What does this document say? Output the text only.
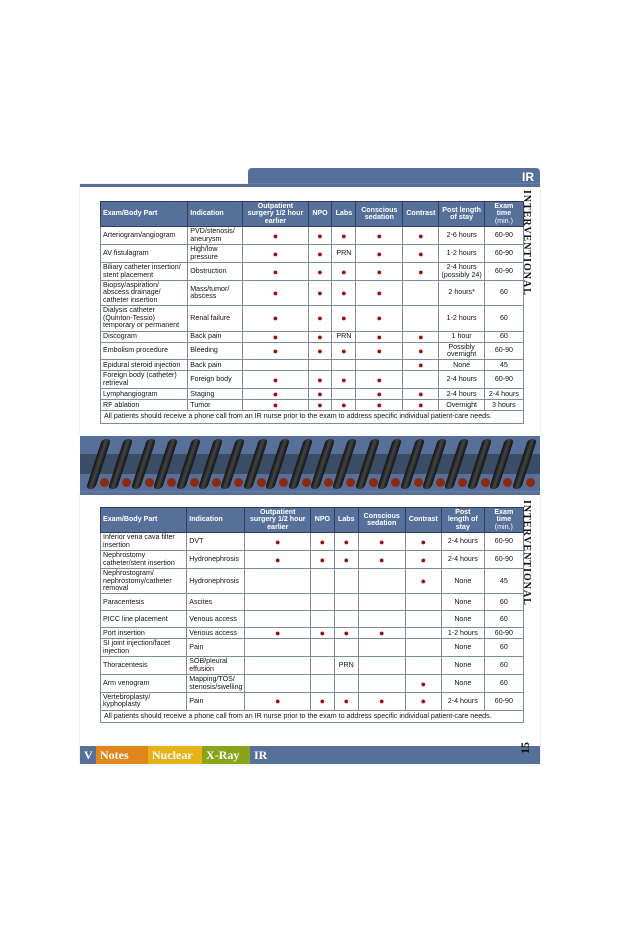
IR
Exam/Body Part	Indication	Outpatient surgery 1/2 hour earlier	NPO	Labs	Conscious sedation	Contrast	Post length of stay	Exam time (min.)
Arteriogram/angiogram	PVD/stenosis/ aneurysm	●	●	●	●	●	2-6 hours	60-90
AV fistulagram	High/low pressure	●	●	PRN	●	●	1-2 hours	60-90
Biliary catheter insertion/ stent placement	Obstruction	●	●	●	●	●	2-4 hours (possibly 24)	60-90
Biopsy/aspiration/ abscess drainage/ catheter insertion	Mass/tumor/ abscess	●	●	●	●		2 hours*	60
Dialysis catheter (Quinton-Tessio) temporary or permanent	Renal failure	●	●	●	●		1-2 hours	60
Discogram	Back pain	●	●	PRN	●	●	1 hour	60
Embolism procedure	Bleeding	●	●	●	●	●	Possibly overnight	60-90
Epidural steroid injection	Back pain					●	None	45
Foreign body (catheter) retrieval	Foreign body	●	●	●	●		2-4 hours	60-90
Lymphangiogram	Staging	●	●		●	●	2-4 hours	2-4 hours
RF ablation	Tumor	●	●	●	●	●	Overnight	3 hours
All patients should receive a phone call from an IR nurse prior to the exam to address specific individual patient-care needs.								
INTERVENTIONAL
Exam/Body Part	Indication	Outpatient surgery 1/2 hour earlier	NPO	Labs	Conscious sedation	Contrast	Post length of stay	Exam time (min.)
Inferior vena cava filter insertion	DVT	●	●	●	●	●	2-4 hours	60-90
Nephrostomy catheter/stent insertion	Hydronephrosis	●	●	●	●	●	2-4 hours	60-90
Nephrostogram/ nephrostomy/catheter removal	Hydronephrosis					●	None	45
Paracentesis	Ascites						None	60
PICC line placement	Venous access						None	60
Port insertion	Venous access	●	●	●	●		1-2 hours	60-90
SI joint injection/facet injection	Pain						None	60
Thoracentesis	SOB/pleural effusion			PRN			None	60
Arm venogram	Mapping/TOS/ stenosis/swelling					●	None	60
Vertebroplasty/ kyphoplasty	Pain	●	●	●	●	●	2-4 hours	60-90
All patients should receive a phone call from an IR nurse prior to the exam to address specific individual patient-care needs.								
INTERVENTIONAL
V Notes	Nuclear	X-Ray	IR	15
